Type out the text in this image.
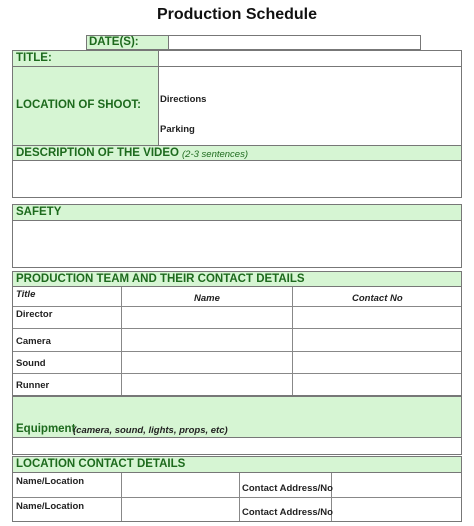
Production Schedule
DATE(S):
TITLE:
LOCATION OF SHOOT: Directions
Parking
DESCRIPTION OF THE VIDEO (2-3 sentences)
SAFETY
PRODUCTION TEAM AND THEIR CONTACT DETAILS
Title	Name	Contact No
Director
Camera
Sound
Runner
Equipment
(camera, sound, lights, props, etc)
LOCATION CONTACT DETAILS
Name/Location
Contact Address/No
Name/Location
Contact Address/No
